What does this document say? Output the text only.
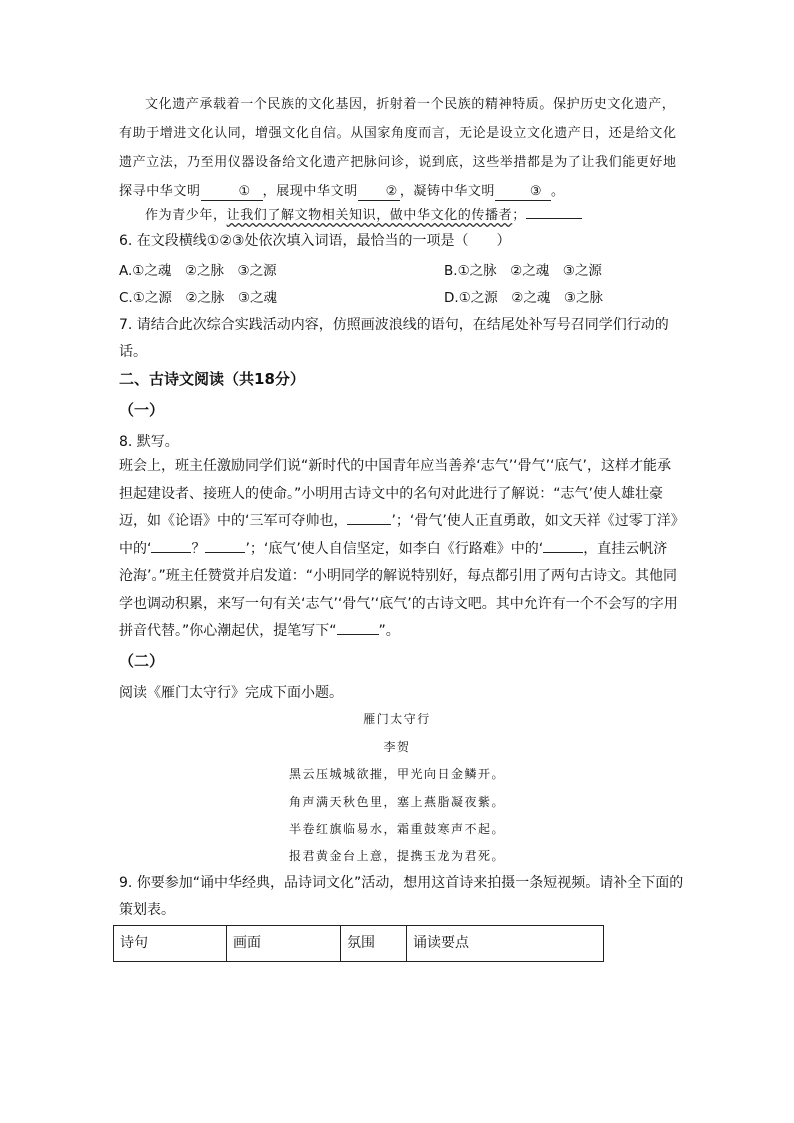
文化遗产承载着一个民族的文化基因，折射着一个民族的精神特质。保护历史文化遗产，有助于增进文化认同，增强文化自信。从国家角度而言，无论是设立文化遗产日，还是给文化遗产立法，乃至用仪器设备给文化遗产把脉问诊，说到底，这些举措都是为了让我们能更好地探寻中华文明	① ，展现中华文明 ② ，凝铸中华文明	③ 。
作为青少年，让我们了解文物相关知识，做中华文化的传播者；
6. 在文段横线①②③处依次填入词语，最恰当的一项是（　　）
A.①之魂　②之脉　③之源	B.①之脉　②之魂　③之源
C.①之源　②之脉　③之魂	D.①之源　②之魂　③之脉
7. 请结合此次综合实践活动内容，仿照画波浪线的语句，在结尾处补写号召同学们行动的话。
二、古诗文阅读（共18分）
（一）
8. 默写。
班会上，班主任激励同学们说“新时代的中国青年应当善养‘志气’‘骨气’‘底气’，这样才能承担起建设者、接班人的使命。”小明用古诗文中的名句对此进行了解说：“志气’使人雄壮豪迈，如《论语》中的‘三军可夺帅也，	’；‘骨气’使人正直勇敢，如文天祥《过零丁洋》中的‘	？	’；‘底气’使人自信坚定，如李白《行路难》中的‘	，直挂云帆济沧海’。”班主任赞赏并启发道：“小明同学的解说特别好，每点都引用了两句古诗文。其他同学也调动积累，来写一句有关‘志气’‘骨气’‘底气’的古诗文吧。其中允许有一个不会写的字用拼音代替。”你心潮起伏，提笔写下“	”。
（二）
阅读《雁门太守行》完成下面小题。
雁门太守行
李贺
黑云压城城欲摧，甲光向日金鳞开。
角声满天秋色里，塞上燕脂凝夜紫。
半卷红旗临易水，霜重鼓寒声不起。
报君黄金台上意，提携玉龙为君死。
9. 你要参加“诵中华经典，品诗词文化”活动，想用这首诗来拍摄一条短视频。请补全下面的策划表。
诗句	画面	氛围	诵读要点
